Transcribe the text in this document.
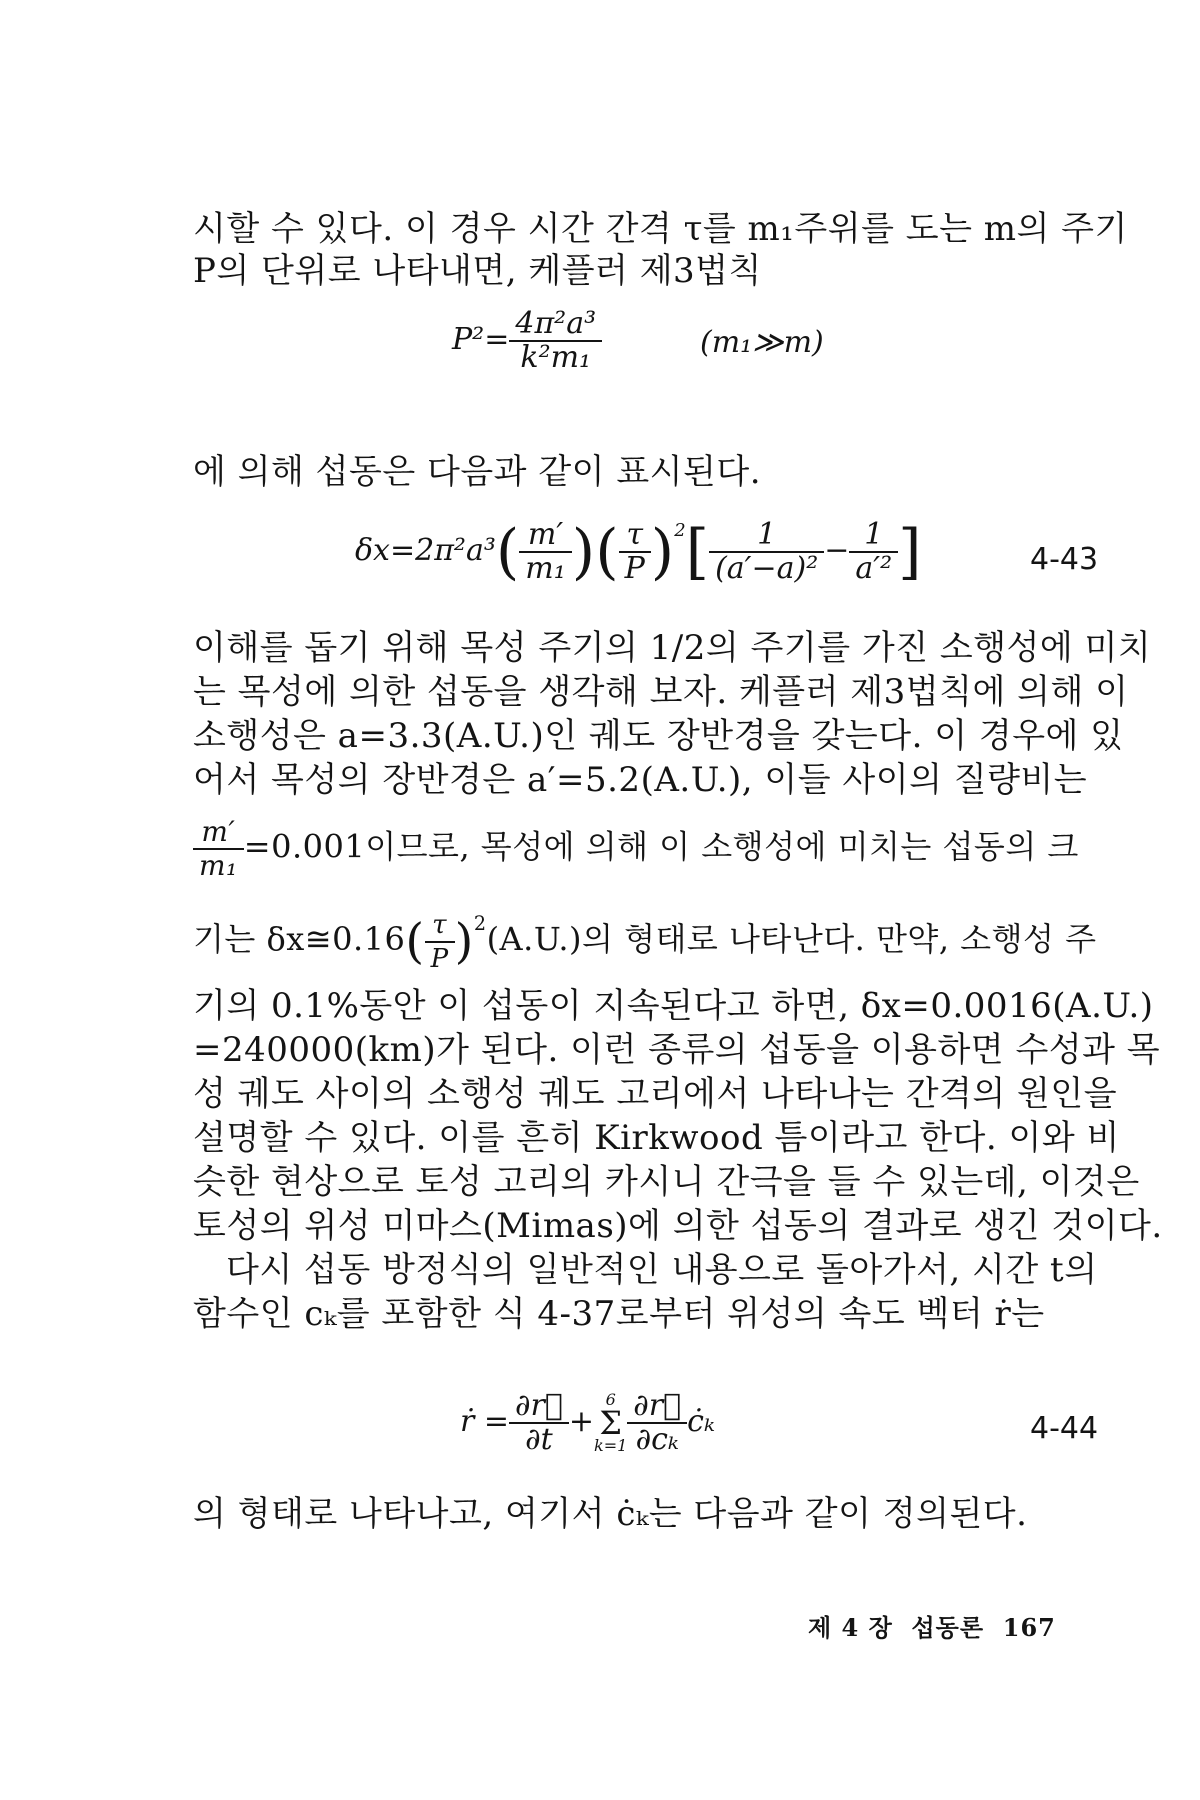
시할 수 있다. 이 경우 시간 간격 τ를 m₁주위를 도는 m의 주기
P의 단위로 나타내면, 케플러 제3법칙
$P^2= \frac{\text{4π²a³}}{\text{k²m₁}}$	(m₁≫m)
에 의해 섭동은 다음과 같이 표시된다.
$\delta x=2\pi^2a^3( \frac{m'}{\text{m₁}}$ )( $\frac{\tau}{P} )^2[ \frac{1}{\text{(a′−a)²}} - \frac{1}{\text{a′²}}$ ]	4-43
이해를 돕기 위해 목성 주기의 1/2의 주기를 가진 소행성에 미치
는 목성에 의한 섭동을 생각해 보자. 케플러 제3법칙에 의해 이
소행성은 a=3.3(A.U.)인 궤도 장반경을 갖는다. 이 경우에 있
어서 목성의 장반경은 a′=5.2(A.U.), 이들 사이의 질량비는
$\frac{m'}{\text{m₁}} =0.001$이므로, 목성에 의해 이 소행성에 미치는 섭동의 크
기는 δx≅0.16( $\frac{\tau}{P} )^2(A.U.)$의 형태로 나타난다. 만약, 소행성 주
기의 0.1%동안 이 섭동이 지속된다고 하면, δx=0.0016(A.U.)
=240000(km)가 된다. 이런 종류의 섭동을 이용하면 수성과 목
성 궤도 사이의 소행성 궤도 고리에서 나타나는 간격의 원인을
설명할 수 있다. 이를 흔히 Kirkwood 틈이라고 한다. 이와 비
슷한 현상으로 토성 고리의 카시니 간극을 들 수 있는데, 이것은
토성의 위성 미마스(Mimas)에 의한 섭동의 결과로 생긴 것이다.
다시 섭동 방정식의 일반적인 내용으로 돌아가서, 시간 t의
함수인 cₖ를 포함한 식 4-37로부터 위성의 속도 벡터 ṙ는
ṙ = $\frac{\partial r⃗}{\partial t}$ +
6
Σ
$k=1 \frac{\partial r⃗}{\text{∂cₖ}}$ ċₖ	4-44
의 형태로 나타나고, 여기서 ċₖ는 다음과 같이 정의된다.
제 4 장 섭동론 167
